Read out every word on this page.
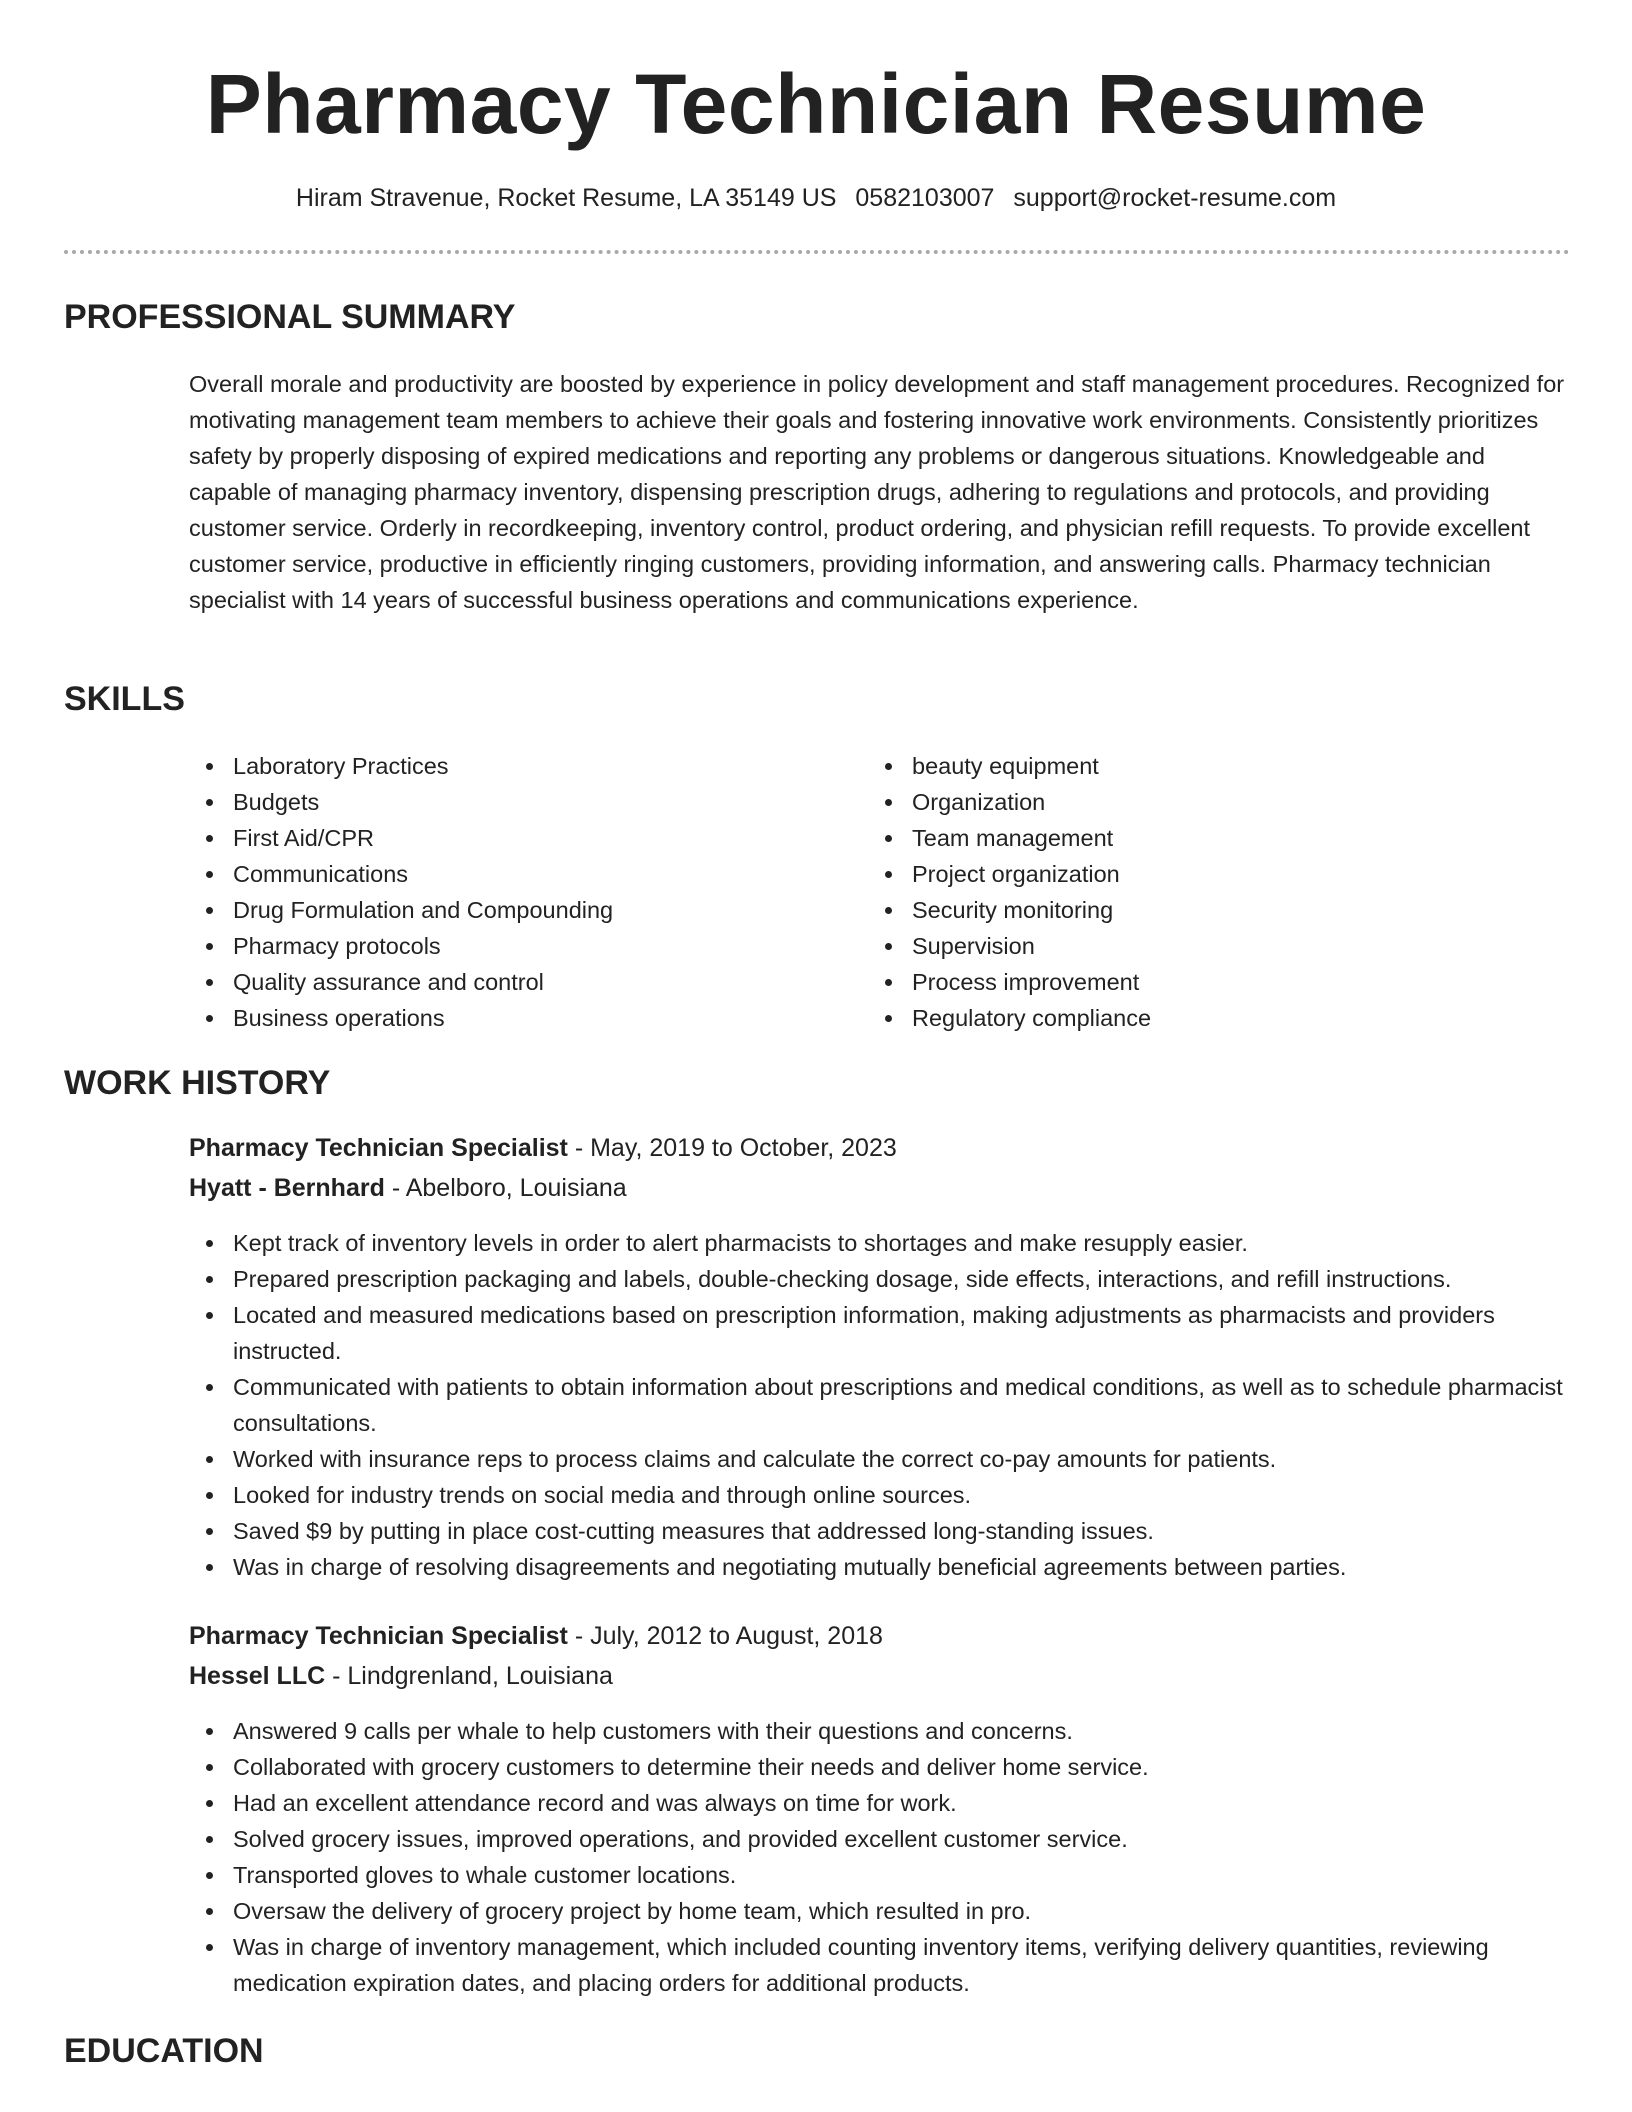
Pharmacy Technician Resume
Hiram Stravenue, Rocket Resume, LA 35149 US 0582103007 support@rocket-resume.com
PROFESSIONAL SUMMARY

Overall morale and productivity are boosted by experience in policy development and staff management procedures. Recognized for motivating management team members to achieve their goals and fostering innovative work environments. Consistently prioritizes safety by properly disposing of expired medications and reporting any problems or dangerous situations. Knowledgeable and capable of managing pharmacy inventory, dispensing prescription drugs, adhering to regulations and protocols, and providing customer service. Orderly in recordkeeping, inventory control, product ordering, and physician refill requests. To provide excellent customer service, productive in efficiently ringing customers, providing information, and answering calls. Pharmacy technician specialist with 14 years of successful business operations and communications experience.

SKILLS
Laboratory Practices
Budgets
First Aid/CPR
Communications
Drug Formulation and Compounding
Pharmacy protocols
Quality assurance and control
Business operations
beauty equipment
Organization
Team management
Project organization
Security monitoring
Supervision
Process improvement
Regulatory compliance
WORK HISTORY
Pharmacy Technician Specialist - May, 2019 to October, 2023
Hyatt - Bernhard - Abelboro, Louisiana
Kept track of inventory levels in order to alert pharmacists to shortages and make resupply easier.
Prepared prescription packaging and labels, double-checking dosage, side effects, interactions, and refill instructions.
Located and measured medications based on prescription information, making adjustments as pharmacists and providers instructed.
Communicated with patients to obtain information about prescriptions and medical conditions, as well as to schedule pharmacist consultations.
Worked with insurance reps to process claims and calculate the correct co-pay amounts for patients.
Looked for industry trends on social media and through online sources.
Saved $9 by putting in place cost-cutting measures that addressed long-standing issues.
Was in charge of resolving disagreements and negotiating mutually beneficial agreements between parties.
Pharmacy Technician Specialist - July, 2012 to August, 2018
Hessel LLC - Lindgrenland, Louisiana
Answered 9 calls per whale to help customers with their questions and concerns.
Collaborated with grocery customers to determine their needs and deliver home service.
Had an excellent attendance record and was always on time for work.
Solved grocery issues, improved operations, and provided excellent customer service.
Transported gloves to whale customer locations.
Oversaw the delivery of grocery project by home team, which resulted in pro.
Was in charge of inventory management, which included counting inventory items, verifying delivery quantities, reviewing medication expiration dates, and placing orders for additional products.
EDUCATION
